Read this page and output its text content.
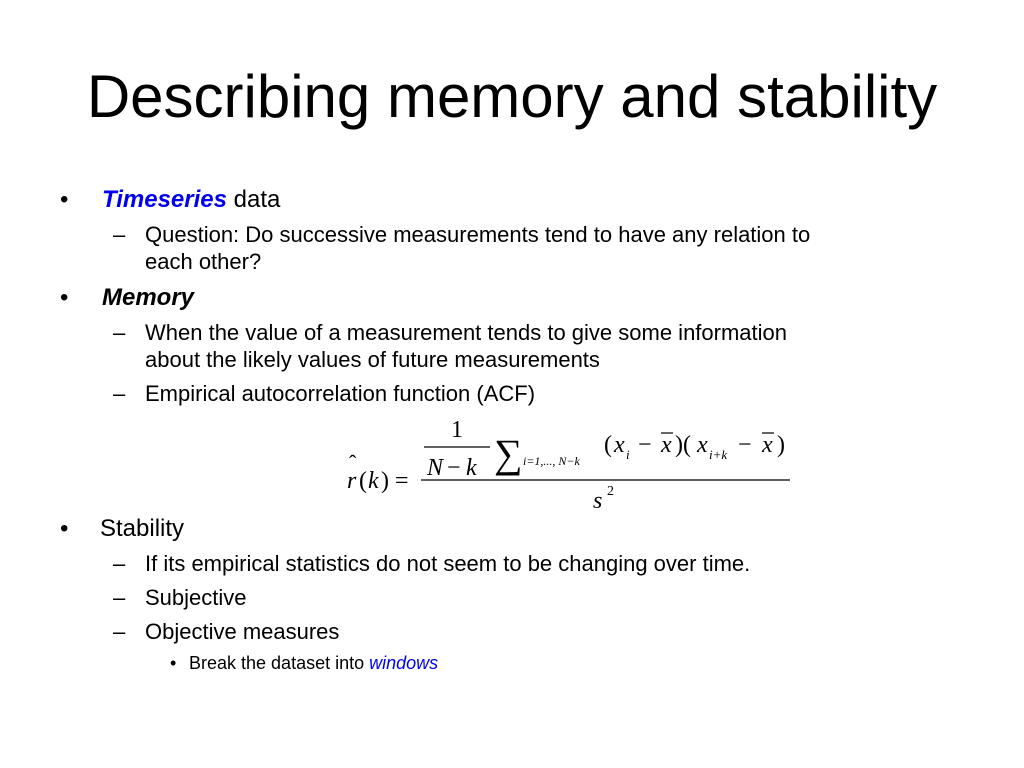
Describing memory and stability
• Timeseries data
– Question: Do successive measurements tend to have any relation to
each other?
• Memory
– When the value of a measurement tends to give some information
about the likely values of future measurements
– Empirical autocorrelation function (ACF)
ˆ
r ( k ) =
1
N − k ∑ i=1,..., N−k
( x i − x )( x i+k − x )
s 2
• Stability
– If its empirical statistics do not seem to be changing over time.
– Subjective
– Objective measures
• Break the dataset into windows
